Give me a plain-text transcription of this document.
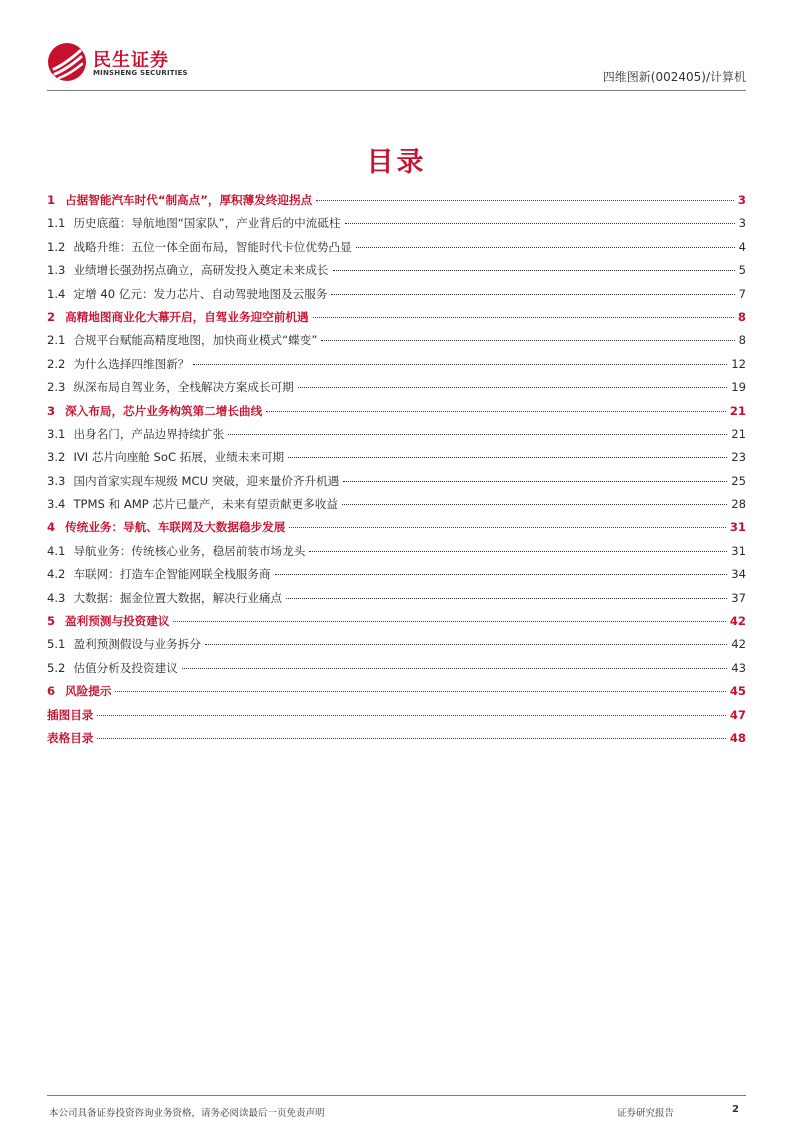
民生证券
MINSHENG SECURITIES	四维图新(002405)/计算机
目录
1 占据智能汽车时代“制高点”，厚积薄发终迎拐点	3
1.1 历史底蕴：导航地图“国家队”，产业背后的中流砥柱	3
1.2 战略升维：五位一体全面布局，智能时代卡位优势凸显	4
1.3 业绩增长强劲拐点确立，高研发投入奠定未来成长	5
1.4 定增 40 亿元：发力芯片、自动驾驶地图及云服务	7
2 高精地图商业化大幕开启，自驾业务迎空前机遇	8
2.1 合规平台赋能高精度地图，加快商业模式“蝶变”	8
2.2 为什么选择四维图新？	12
2.3 纵深布局自驾业务，全栈解决方案成长可期	19
3 深入布局，芯片业务构筑第二增长曲线	21
3.1 出身名门，产品边界持续扩张	21
3.2 IVI 芯片向座舱 SoC 拓展，业绩未来可期	23
3.3 国内首家实现车规级 MCU 突破，迎来量价齐升机遇	25
3.4 TPMS 和 AMP 芯片已量产，未来有望贡献更多收益	28
4 传统业务：导航、车联网及大数据稳步发展	31
4.1 导航业务：传统核心业务，稳居前装市场龙头	31
4.2 车联网：打造车企智能网联全栈服务商	34
4.3 大数据：掘金位置大数据，解决行业痛点	37
5 盈利预测与投资建议	42
5.1 盈利预测假设与业务拆分	42
5.2 估值分析及投资建议	43
6 风险提示	45
插图目录	47
表格目录	48
本公司具备证券投资咨询业务资格，请务必阅读最后一页免责声明	证券研究报告	2
